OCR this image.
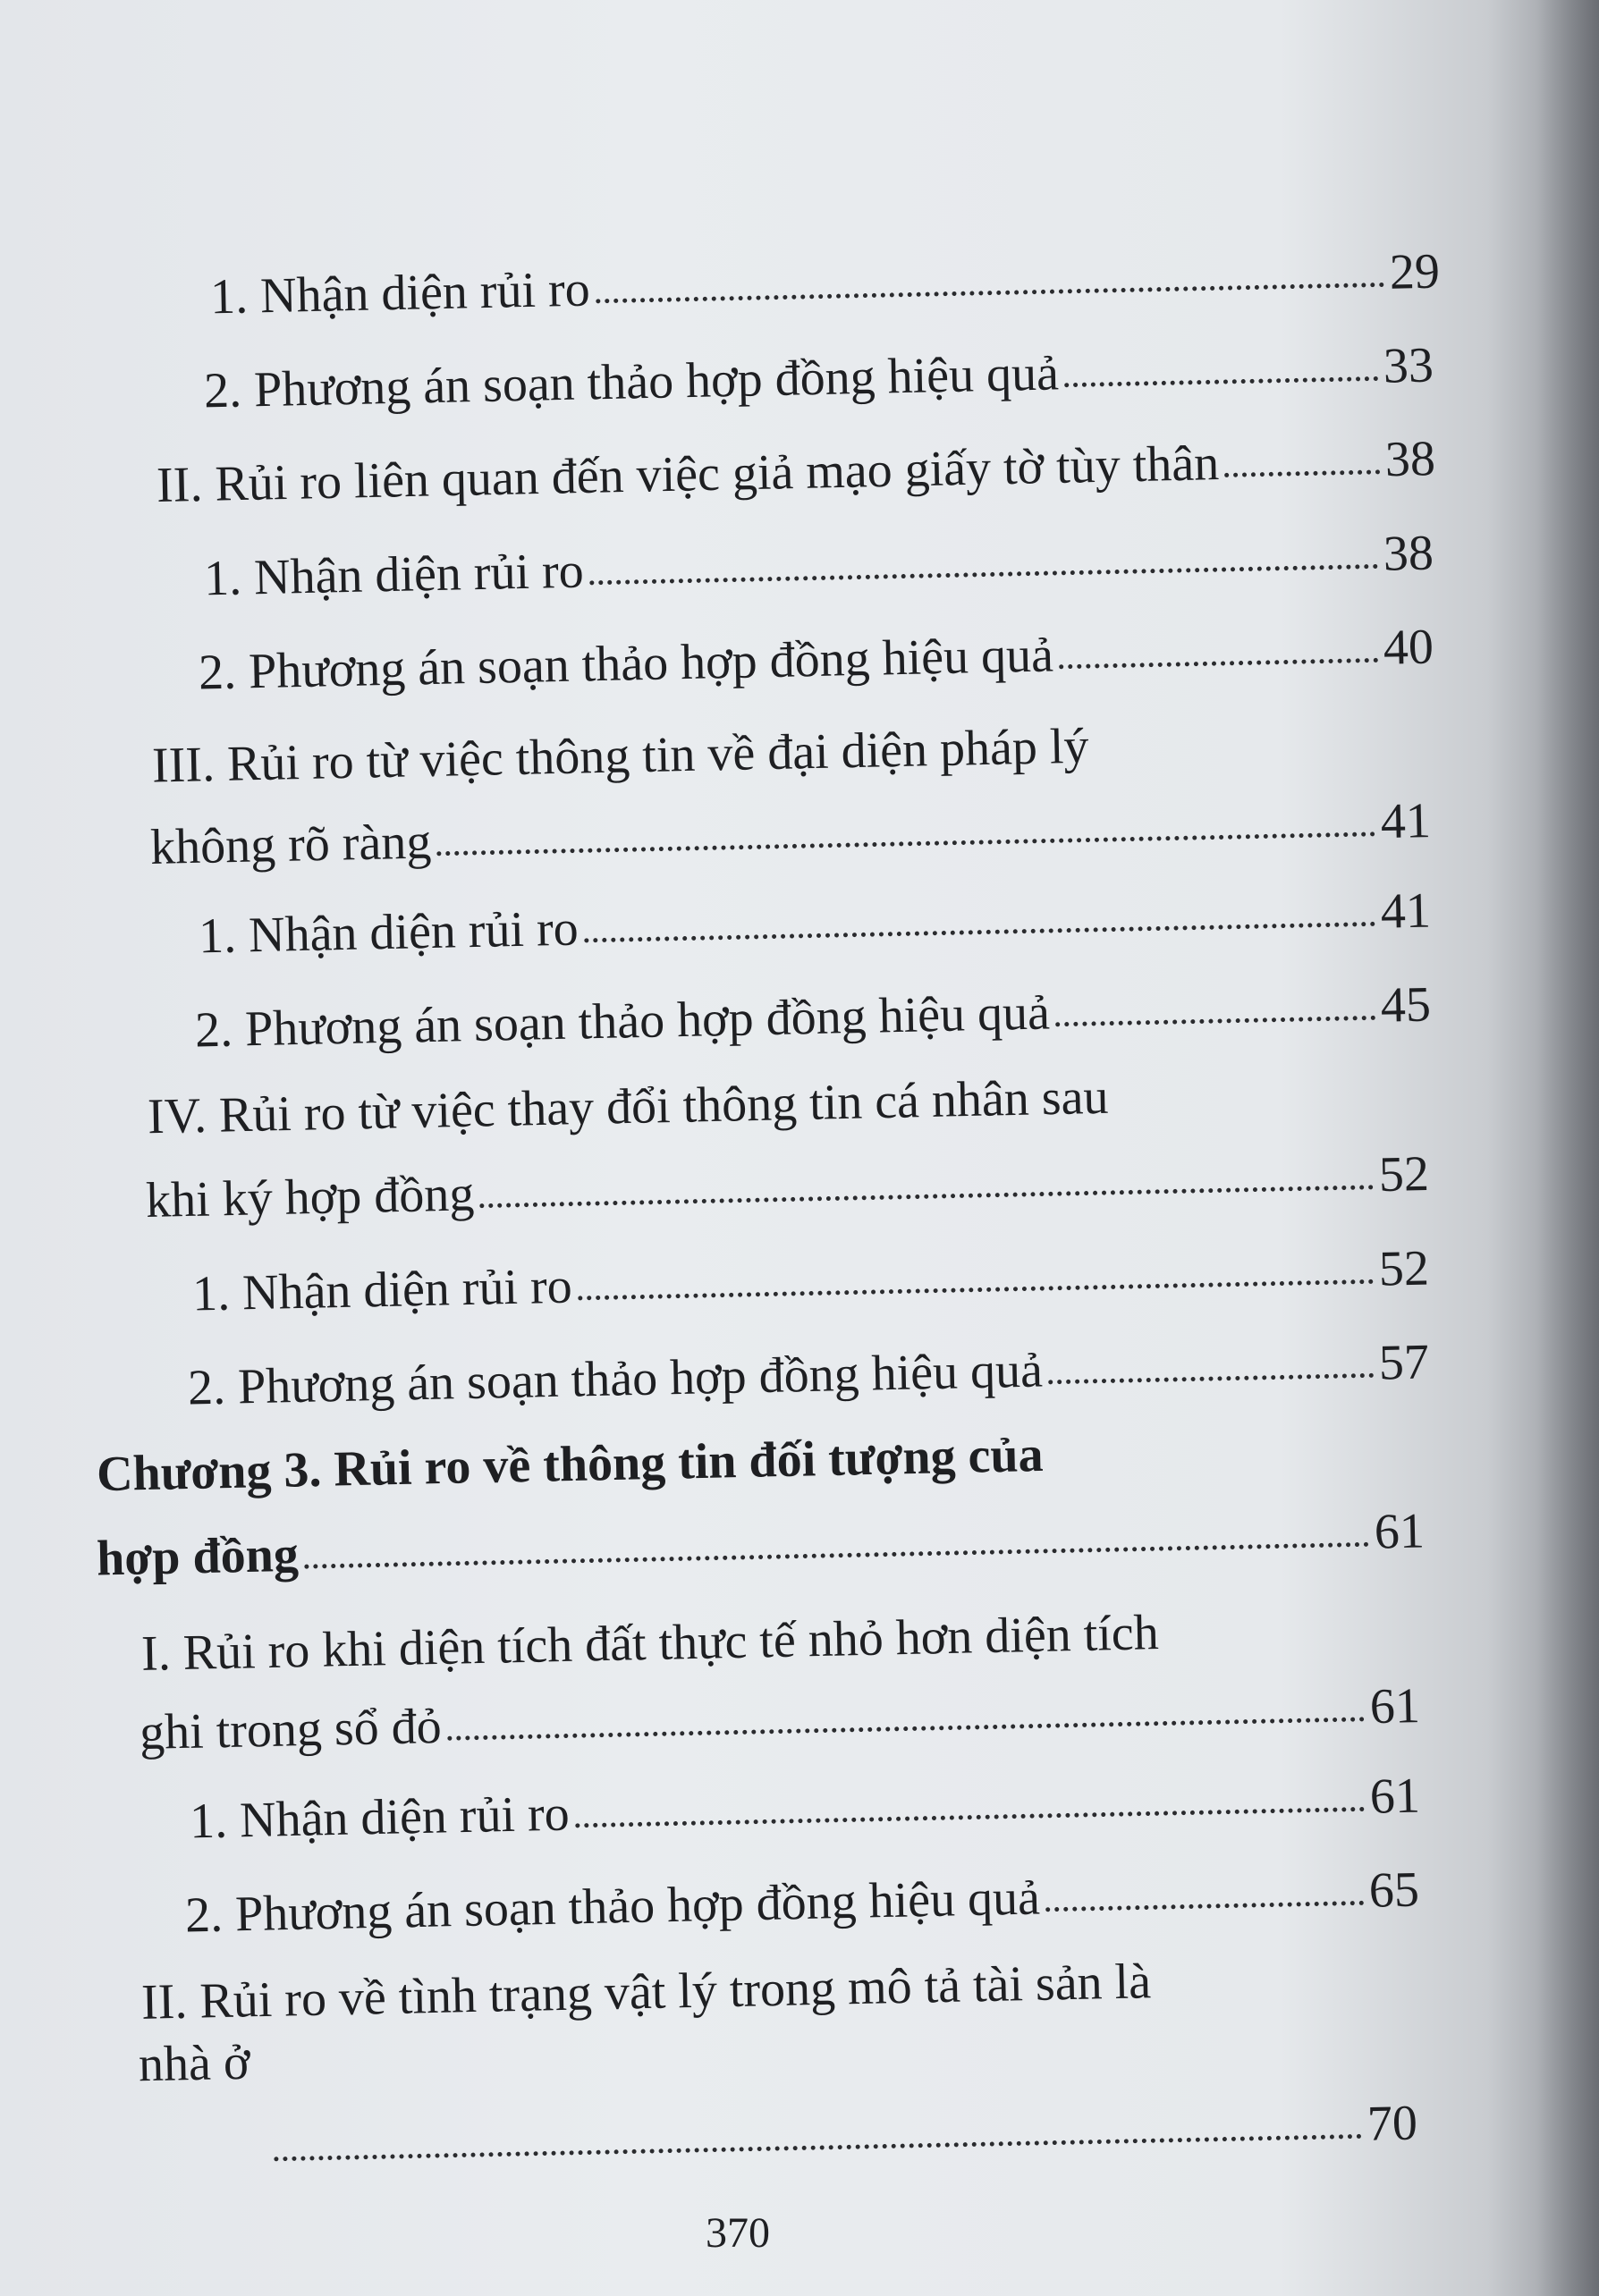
1. Nhận diện rủi ro	29
2. Phương án soạn thảo hợp đồng hiệu quả	33
II. Rủi ro liên quan đến việc giả mạo giấy tờ tùy thân	38
1. Nhận diện rủi ro	38
2. Phương án soạn thảo hợp đồng hiệu quả	40
III. Rủi ro từ việc thông tin về đại diện pháp lý
không rõ ràng	41
1. Nhận diện rủi ro	41
2. Phương án soạn thảo hợp đồng hiệu quả	45
IV. Rủi ro từ việc thay đổi thông tin cá nhân sau
khi ký hợp đồng	52
1. Nhận diện rủi ro	52
2. Phương án soạn thảo hợp đồng hiệu quả	57
Chương 3. Rủi ro về thông tin đối tượng của
hợp đồng	61
I. Rủi ro khi diện tích đất thực tế nhỏ hơn diện tích
ghi trong sổ đỏ	61
1. Nhận diện rủi ro	61
2. Phương án soạn thảo hợp đồng hiệu quả	65
II. Rủi ro về tình trạng vật lý trong mô tả tài sản là
nhà ở
70
370
